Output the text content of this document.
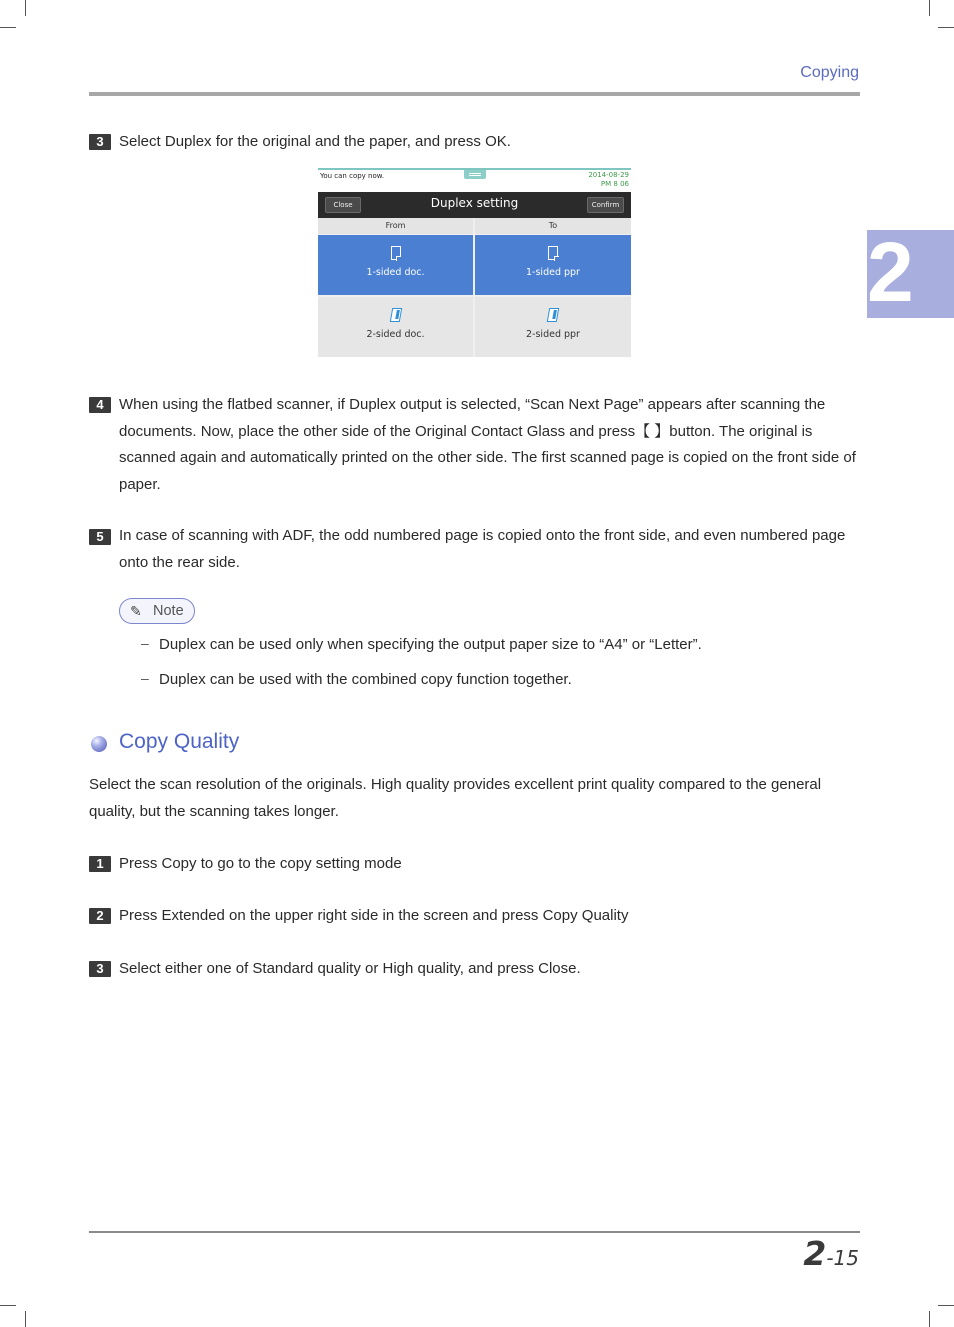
Copying
2
3	Select Duplex for the original and the paper, and press OK.
You can copy now.	2014-08-29
PM 8 06
Close	Duplex setting	Confirm
From	To
1-sided doc.	1-sided ppr
2-sided doc.	2-sided ppr
4	When using the flatbed scanner, if Duplex output is selected, “Scan Next Page” appears after scanning the documents. Now, place the other side of the Original Contact Glass and press【 】button. The original is scanned again and automatically printed on the other side. The first scanned page is copied on the front side of paper.
5	In case of scanning with ADF, the odd numbered page is copied onto the front side, and even numbered page onto the rear side.
✎ Note
– Duplex can be used only when specifying the output paper size to “A4” or “Letter”.
– Duplex can be used with the combined copy function together.
Copy Quality
Select the scan resolution of the originals. High quality provides excellent print quality compared to the general quality, but the scanning takes longer.
1	Press Copy to go to the copy setting mode
2	Press Extended on the upper right side in the screen and press Copy Quality
3	Select either one of Standard quality or High quality, and press Close.
2-15
